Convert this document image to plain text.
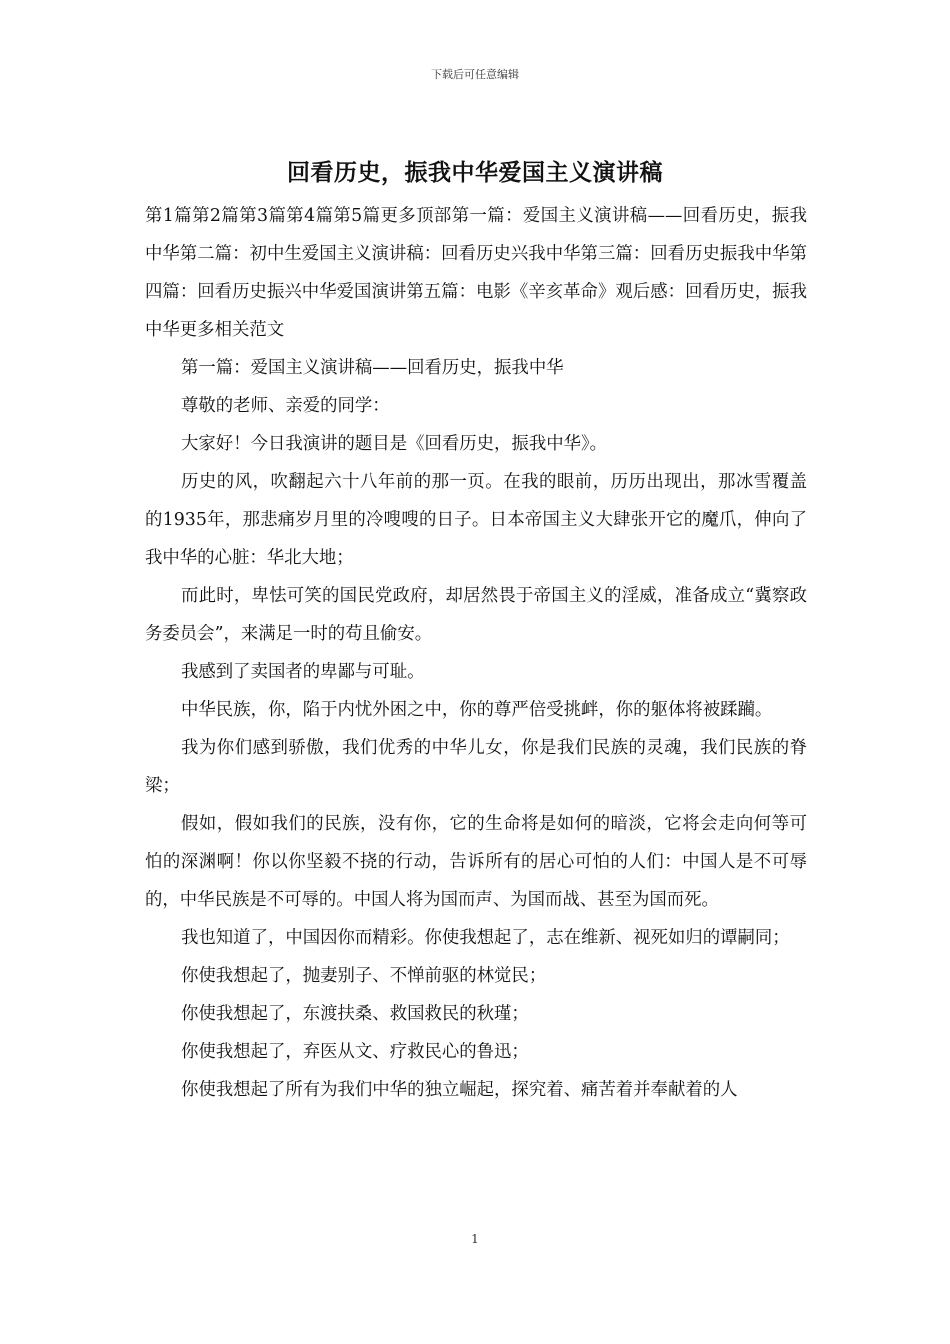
下载后可任意编辑
回看历史，振我中华爱国主义演讲稿

第1篇第2篇第3篇第4篇第5篇更多顶部第一篇：爱国主义演讲稿——回看历史，振我中华第二篇：初中生爱国主义演讲稿：回看历史兴我中华第三篇：回看历史振我中华第四篇：回看历史振兴中华爱国演讲第五篇：电影《辛亥革命》观后感：回看历史，振我中华更多相关范文

第一篇：爱国主义演讲稿——回看历史，振我中华

尊敬的老师、亲爱的同学：

大家好！今日我演讲的题目是《回看历史，振我中华》。

历史的风，吹翻起六十八年前的那一页。在我的眼前，历历出现出，那冰雪覆盖的1935年，那悲痛岁月里的冷嗖嗖的日子。日本帝国主义大肆张开它的魔爪，伸向了我中华的心脏：华北大地；

而此时，卑怯可笑的国民党政府，却居然畏于帝国主义的淫威，准备成立“冀察政务委员会”，来满足一时的苟且偷安。

我感到了卖国者的卑鄙与可耻。

中华民族，你，陷于内忧外困之中，你的尊严倍受挑衅，你的躯体将被蹂躏。

我为你们感到骄傲，我们优秀的中华儿女，你是我们民族的灵魂，我们民族的脊梁；

假如，假如我们的民族，没有你，它的生命将是如何的暗淡，它将会走向何等可怕的深渊啊！你以你坚毅不挠的行动，告诉所有的居心可怕的人们：中国人是不可辱的，中华民族是不可辱的。中国人将为国而声、为国而战、甚至为国而死。

我也知道了，中国因你而精彩。你使我想起了，志在维新、视死如归的谭嗣同；

你使我想起了，抛妻别子、不惮前驱的林觉民；

你使我想起了，东渡扶桑、救国救民的秋瑾；

你使我想起了，弃医从文、疗救民心的鲁迅；

你使我想起了所有为我们中华的独立崛起，探究着、痛苦着并奉献着的人

1
